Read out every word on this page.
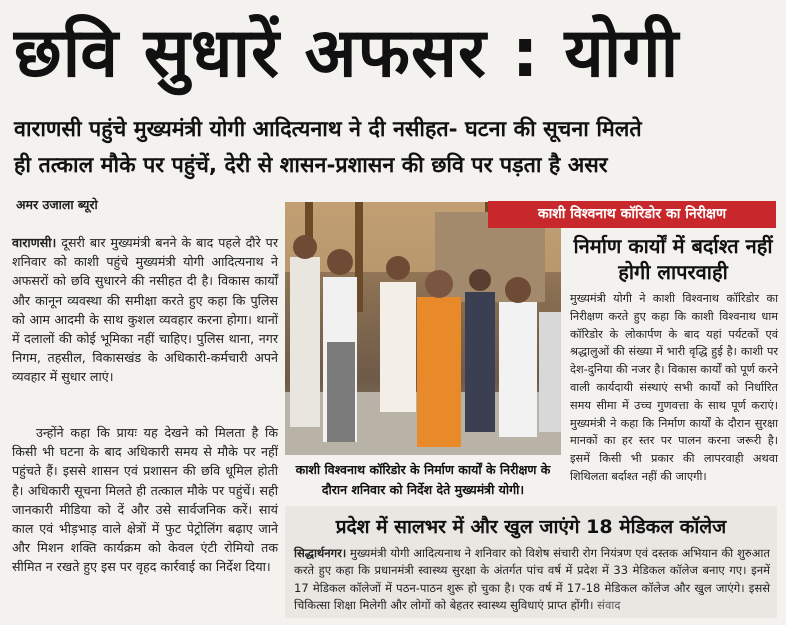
छवि सुधारें अफसर : योगी
वाराणसी पहुंचे मुख्यमंत्री योगी आदित्यनाथ ने दी नसीहत- घटना की सूचना मिलते
ही तत्काल मौके पर पहुंचें, देरी से शासन-प्रशासन की छवि पर पड़ता है असर
अमर उजाला ब्यूरो
वाराणसी। दूसरी बार मुख्यमंत्री बनने के बाद पहले दौरे पर शनिवार को काशी पहुंचे मुख्यमंत्री योगी आदित्यनाथ ने अफसरों को छवि सुधारने की नसीहत दी है। विकास कार्यों और कानून व्यवस्था की समीक्षा करते हुए कहा कि पुलिस को आम आदमी के साथ कुशल व्यवहार करना होगा। थानों में दलालों की कोई भूमिका नहीं चाहिए। पुलिस थाना, नगर निगम, तहसील, विकासखंड के अधिकारी-कर्मचारी अपने व्यवहार में सुधार लाएं।
उन्होंने कहा कि प्रायः यह देखने को मिलता है कि किसी भी घटना के बाद अधिकारी समय से मौके पर नहीं पहुंचते हैं। इससे शासन एवं प्रशासन की छवि धूमिल होती है। अधिकारी सूचना मिलते ही तत्काल मौके पर पहुंचें। सही जानकारी मीडिया को दें और उसे सार्वजनिक करें। सायं काल एवं भीड़भाड़ वाले क्षेत्रों में फुट पेट्रोलिंग बढ़ाए जाने और मिशन शक्ति कार्यक्रम को केवल एंटी रोमियो तक सीमित न रखते हुए इस पर वृहद कार्रवाई का निर्देश दिया।
काशी विश्वनाथ कॉरिडोर का निरीक्षण
काशी विश्वनाथ कॉरिडोर के निर्माण कार्यों के निरीक्षण के दौरान शनिवार को निर्देश देते मुख्यमंत्री योगी।
निर्माण कार्यों में बर्दाश्त नहीं होगी लापरवाही
मुख्यमंत्री योगी ने काशी विश्वनाथ कॉरिडोर का निरीक्षण करते हुए कहा कि काशी विश्वनाथ धाम कॉरिडोर के लोकार्पण के बाद यहां पर्यटकों एवं श्रद्धालुओं की संख्या में भारी वृद्धि हुई है। काशी पर देश-दुनिया की नजर है। विकास कार्यों को पूर्ण करने वाली कार्यदायी संस्थाएं सभी कार्यों को निर्धारित समय सीमा में उच्च गुणवत्ता के साथ पूर्ण कराएं। मुख्यमंत्री ने कहा कि निर्माण कार्यों के दौरान सुरक्षा मानकों का हर स्तर पर पालन करना जरूरी है। इसमें किसी भी प्रकार की लापरवाही अथवा शिथिलता बर्दाश्त नहीं की जाएगी।
प्रदेश में सालभर में और खुल जाएंगे 18 मेडिकल कॉलेज
सिद्धार्थनगर। मुख्यमंत्री योगी आदित्यनाथ ने शनिवार को विशेष संचारी रोग नियंत्रण एवं दस्तक अभियान की शुरुआत करते हुए कहा कि प्रधानमंत्री स्वास्थ्य सुरक्षा के अंतर्गत पांच वर्ष में प्रदेश में 33 मेडिकल कॉलेज बनाए गए। इनमें 17 मेडिकल कॉलेजों में पठन-पाठन शुरू हो चुका है। एक वर्ष में 17-18 मेडिकल कॉलेज और खुल जाएंगे। इससे चिकित्सा शिक्षा मिलेगी और लोगों को बेहतर स्वास्थ्य सुविधाएं प्राप्त होंगी। संवाद
